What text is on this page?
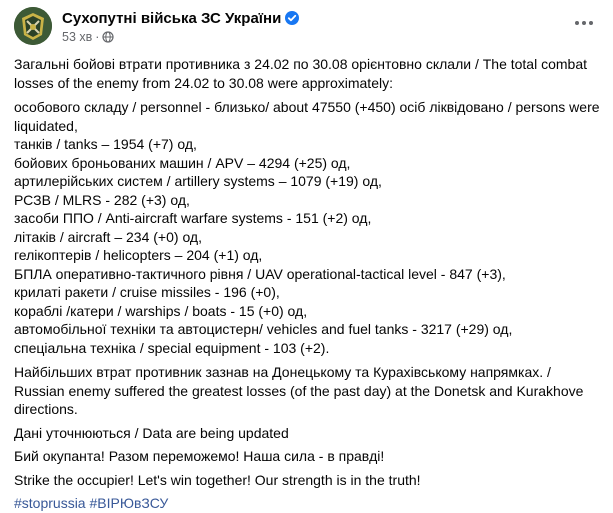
Сухопутні війська ЗС України
53 хв ·

Загальні бойові втрати противника з 24.02 по 30.08 орієнтовно склали / The total combat losses of the enemy from 24.02 to 30.08 were approximately:

особового складу / personnel - близько/ about 47550 (+450) осіб ліквідовано / persons were liquidated,
танків / tanks – 1954 (+7) од,
бойових броньованих машин / APV – 4294 (+25) од,
артилерійських систем / artillery systems – 1079 (+19) од,
РСЗВ / MLRS - 282 (+3) од,
засоби ППО / Anti-aircraft warfare systems - 151 (+2) од,
літаків / aircraft – 234 (+0) од,
гелікоптерів / helicopters – 204 (+1) од,
БПЛА оперативно-тактичного рівня / UAV operational-tactical level - 847 (+3),
крилаті ракети / cruise missiles - 196 (+0),
кораблі /катери / warships / boats - 15 (+0) од,
автомобільної техніки та автоцистерн/ vehicles and fuel tanks - 3217 (+29) од,
спеціальна техніка / special equipment - 103 (+2).

Найбільших втрат противник зазнав на Донецькому та Курахівському напрямках. / Russian enemy suffered the greatest losses (of the past day) at the Donetsk and Kurakhove directions.

Дані уточнюються / Data are being updated

Бий окупанта! Разом переможемо! Наша сила - в правді!

Strike the occupier! Let's win together! Our strength is in the truth!

#stoprussia #ВІРЮвЗСУ
